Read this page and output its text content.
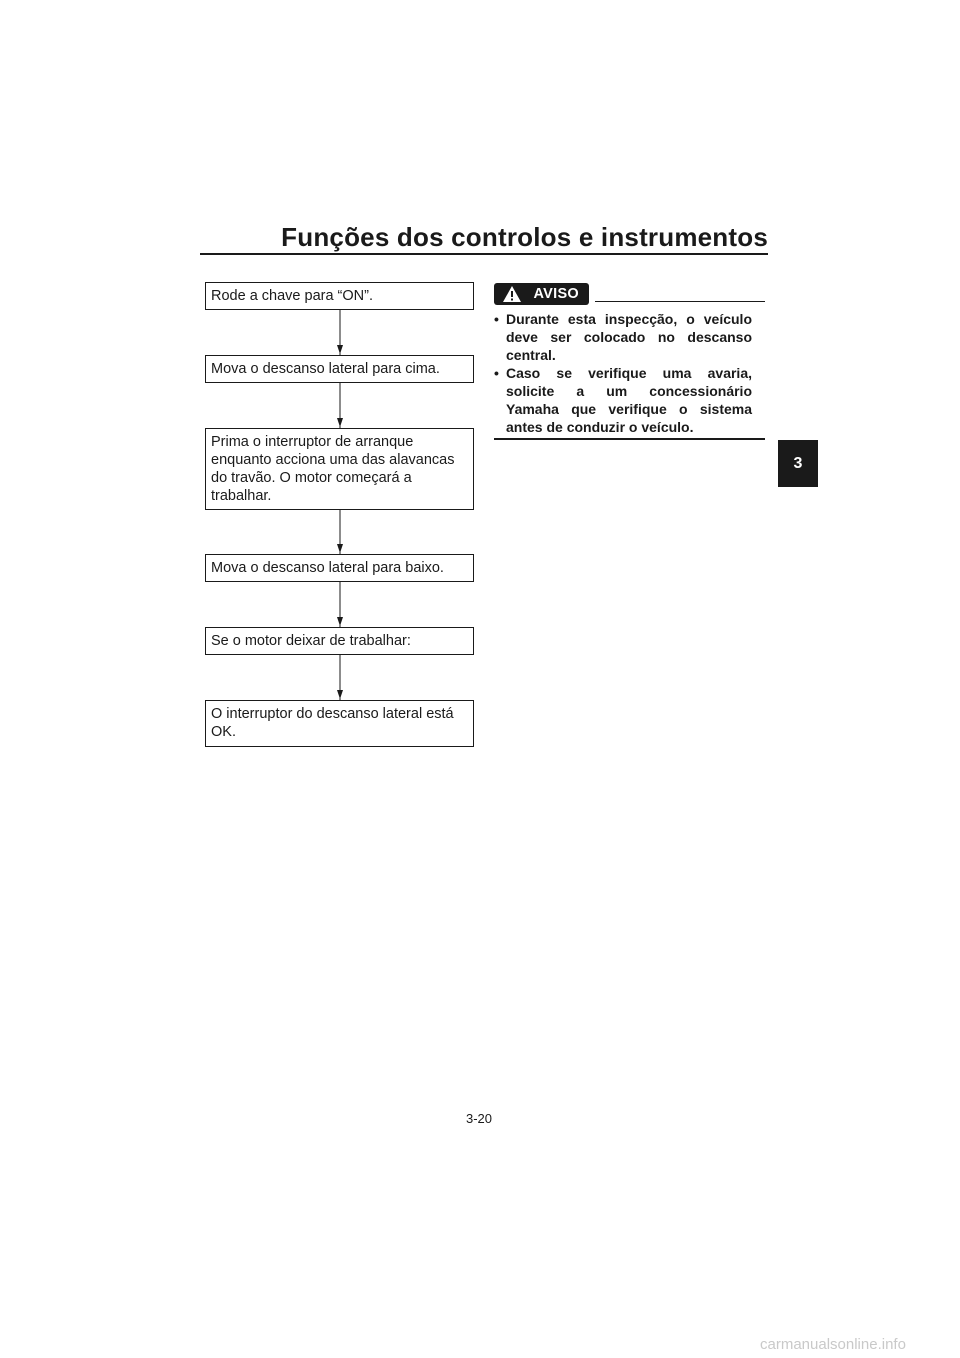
Funções dos controlos e instrumentos
Rode a chave para “ON”.
Mova o descanso lateral para cima.
Prima o interruptor de arranque enquanto acciona uma das alavancas do travão. O motor começará a trabalhar.
Mova o descanso lateral para baixo.
Se o motor deixar de trabalhar:
O interruptor do descanso lateral está OK.
AVISO
• Durante esta inspecção, o veículo deve ser colocado no descanso central.
• Caso se verifique uma avaria, solicite a um concessionário Yamaha que verifique o sistema antes de conduzir o veículo.
3
3-20
carmanualsonline.info
